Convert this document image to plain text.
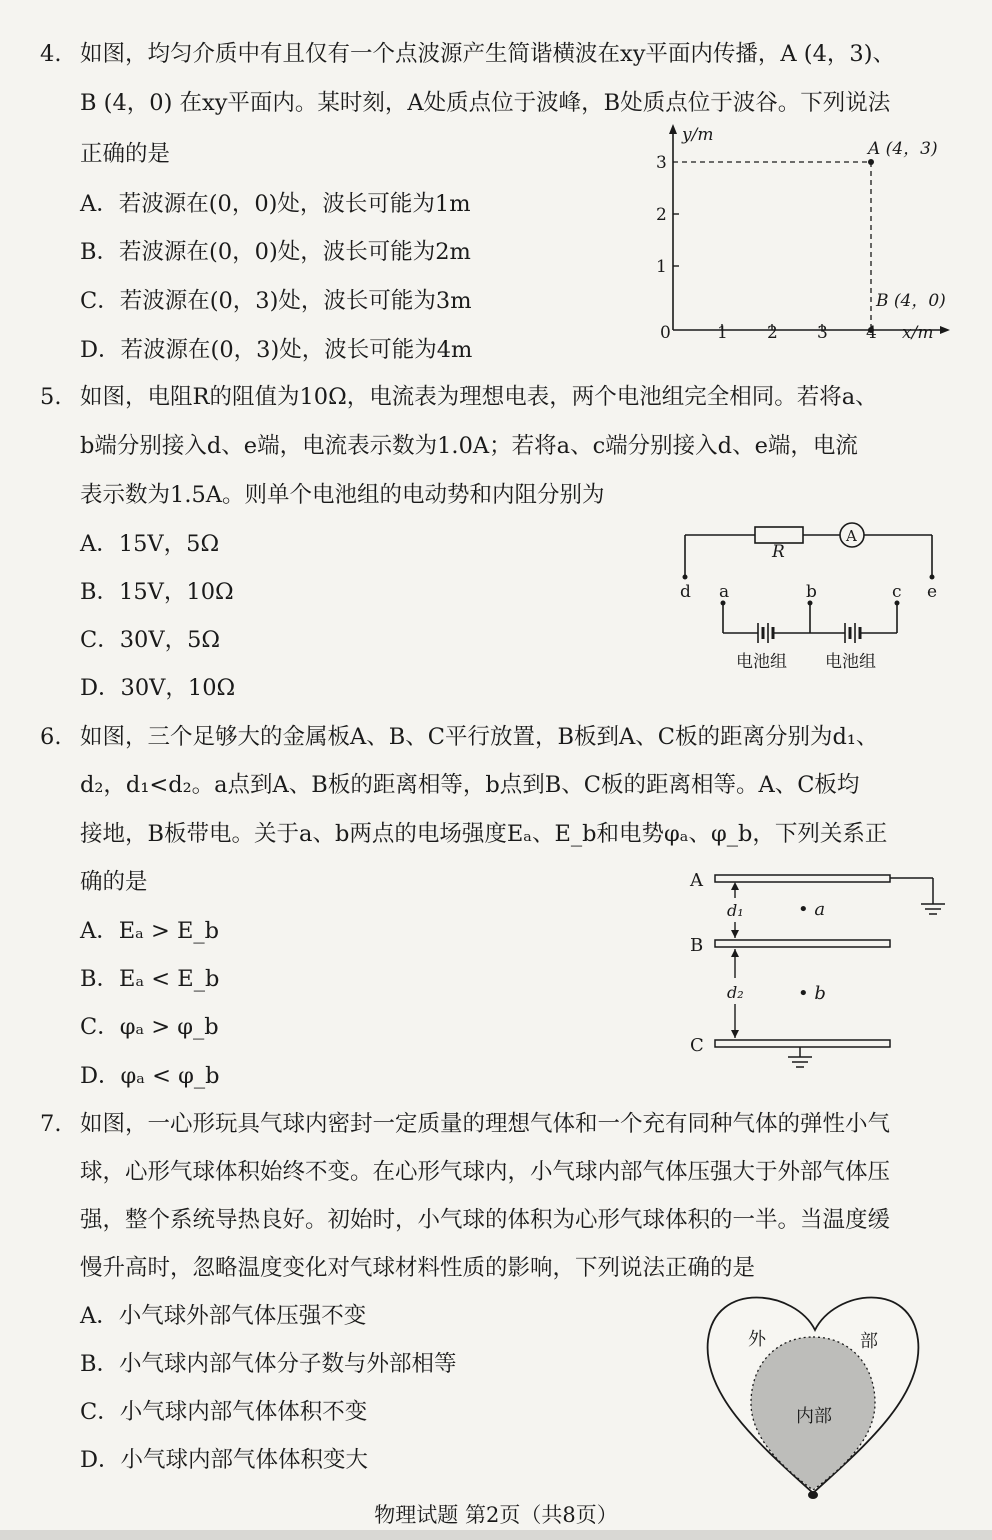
4. 如图，均匀介质中有且仅有一个点波源产生简谐横波在xy平面内传播，A (4，3)、
B (4，0) 在xy平面内。某时刻，A处质点位于波峰，B处质点位于波谷。下列说法
正确的是
A．若波源在(0，0)处，波长可能为1m
B．若波源在(0，0)处，波长可能为2m
C．若波源在(0，3)处，波长可能为3m
D．若波源在(0，3)处，波长可能为4m
y/m
x/m
0	1 2 3 4
1
2
3
A (4，3)
B (4，0)
5. 如图，电阻R的阻值为10Ω，电流表为理想电表，两个电池组完全相同。若将a、
b端分别接入d、e端，电流表示数为1.0A；若将a、c端分别接入d、e端，电流
表示数为1.5A。则单个电池组的电动势和内阻分别为
A．15V，5Ω
B．15V，10Ω
C．30V，5Ω
D．30V，10Ω
R
A
d a	b	c e
电池组 电池组
6. 如图，三个足够大的金属板A、B、C平行放置，B板到A、C板的距离分别为d₁、
d₂，d₁<d₂。a点到A、B板的距离相等，b点到B、C板的距离相等。A、C板均
接地，B板带电。关于a、b两点的电场强度Eₐ、E_b和电势φₐ、φ_b，下列关系正
确的是
A．Eₐ > E_b
B．Eₐ < E_b
C．φₐ > φ_b
D．φₐ < φ_b
A
B
C
d₁
d₂
• a
• b
7. 如图，一心形玩具气球内密封一定质量的理想气体和一个充有同种气体的弹性小气
球，心形气球体积始终不变。在心形气球内，小气球内部气体压强大于外部气体压
强，整个系统导热良好。初始时，小气球的体积为心形气球体积的一半。当温度缓
慢升高时，忽略温度变化对气球材料性质的影响，下列说法正确的是
A．小气球外部气体压强不变
B．小气球内部气体分子数与外部相等
C．小气球内部气体体积不变
D．小气球内部气体体积变大
外	部
内部
物理试题 第2页（共8页）
